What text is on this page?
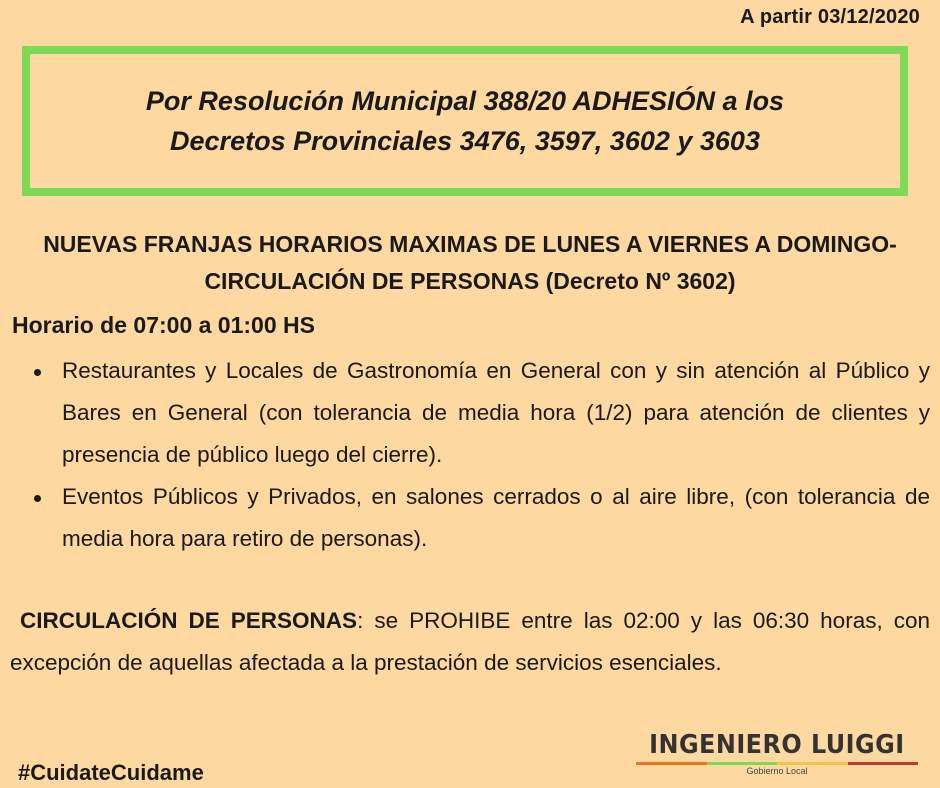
A partir 03/12/2020
Por Resolución Municipal 388/20 ADHESIÓN a los Decretos Provinciales 3476, 3597, 3602 y 3603
NUEVAS FRANJAS HORARIOS MAXIMAS DE LUNES A VIERNES A DOMINGO- CIRCULACIÓN DE PERSONAS (Decreto Nº 3602)
Horario de 07:00 a 01:00 HS
Restaurantes y Locales de Gastronomía en General con y sin atención al Público y Bares en General (con tolerancia de media hora (1/2) para atención de clientes y presencia de público luego del cierre).
Eventos Públicos y Privados, en salones cerrados o al aire libre, (con tolerancia de media hora para retiro de personas).
CIRCULACIÓN DE PERSONAS: se PROHIBE entre las 02:00 y las 06:30 horas, con excepción de aquellas afectada a la prestación de servicios esenciales.
#CuidateCuidame
INGENIERO LUIGGI
Gobierno Local
